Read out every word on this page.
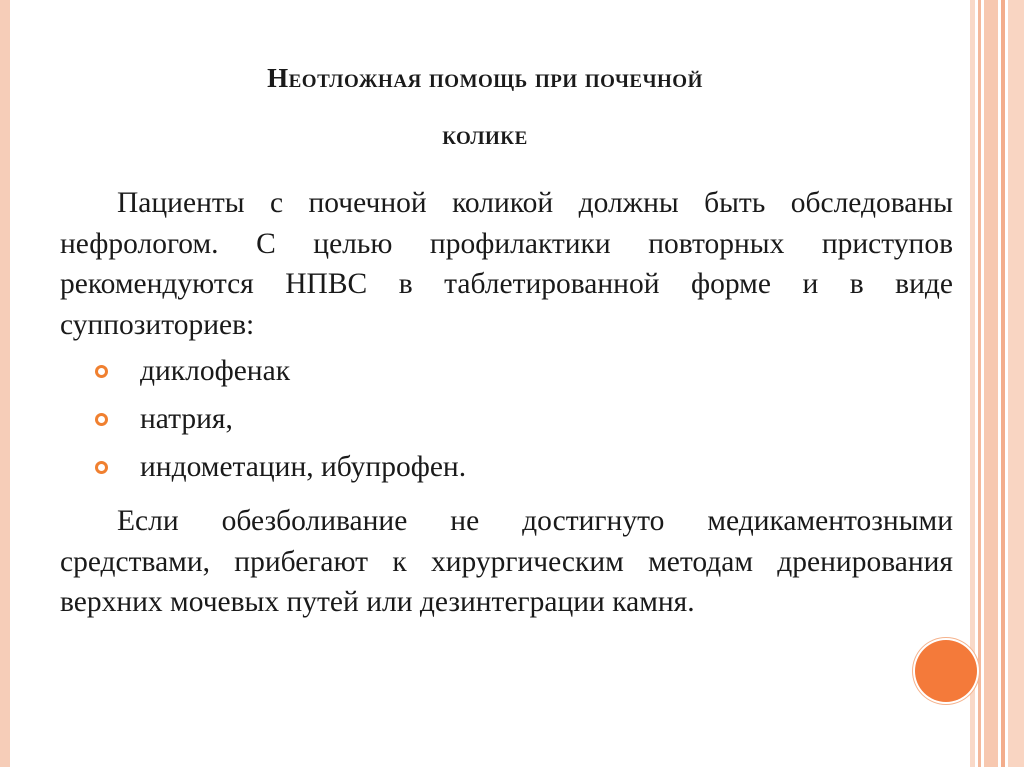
Неотложная помощь при почечной
колике

Пациенты с почечной коликой должны быть обследованы нефрологом. С целью профилактики повторных приступов рекомендуются НПВС в таблетированной форме и в виде суппозиториев:

диклофенак
натрия,
индометацин, ибупрофен.

Если обезболивание не достигнуто медикаментозными средствами, прибегают к хирургическим методам дренирования верхних мочевых путей или дезинтеграции камня.
